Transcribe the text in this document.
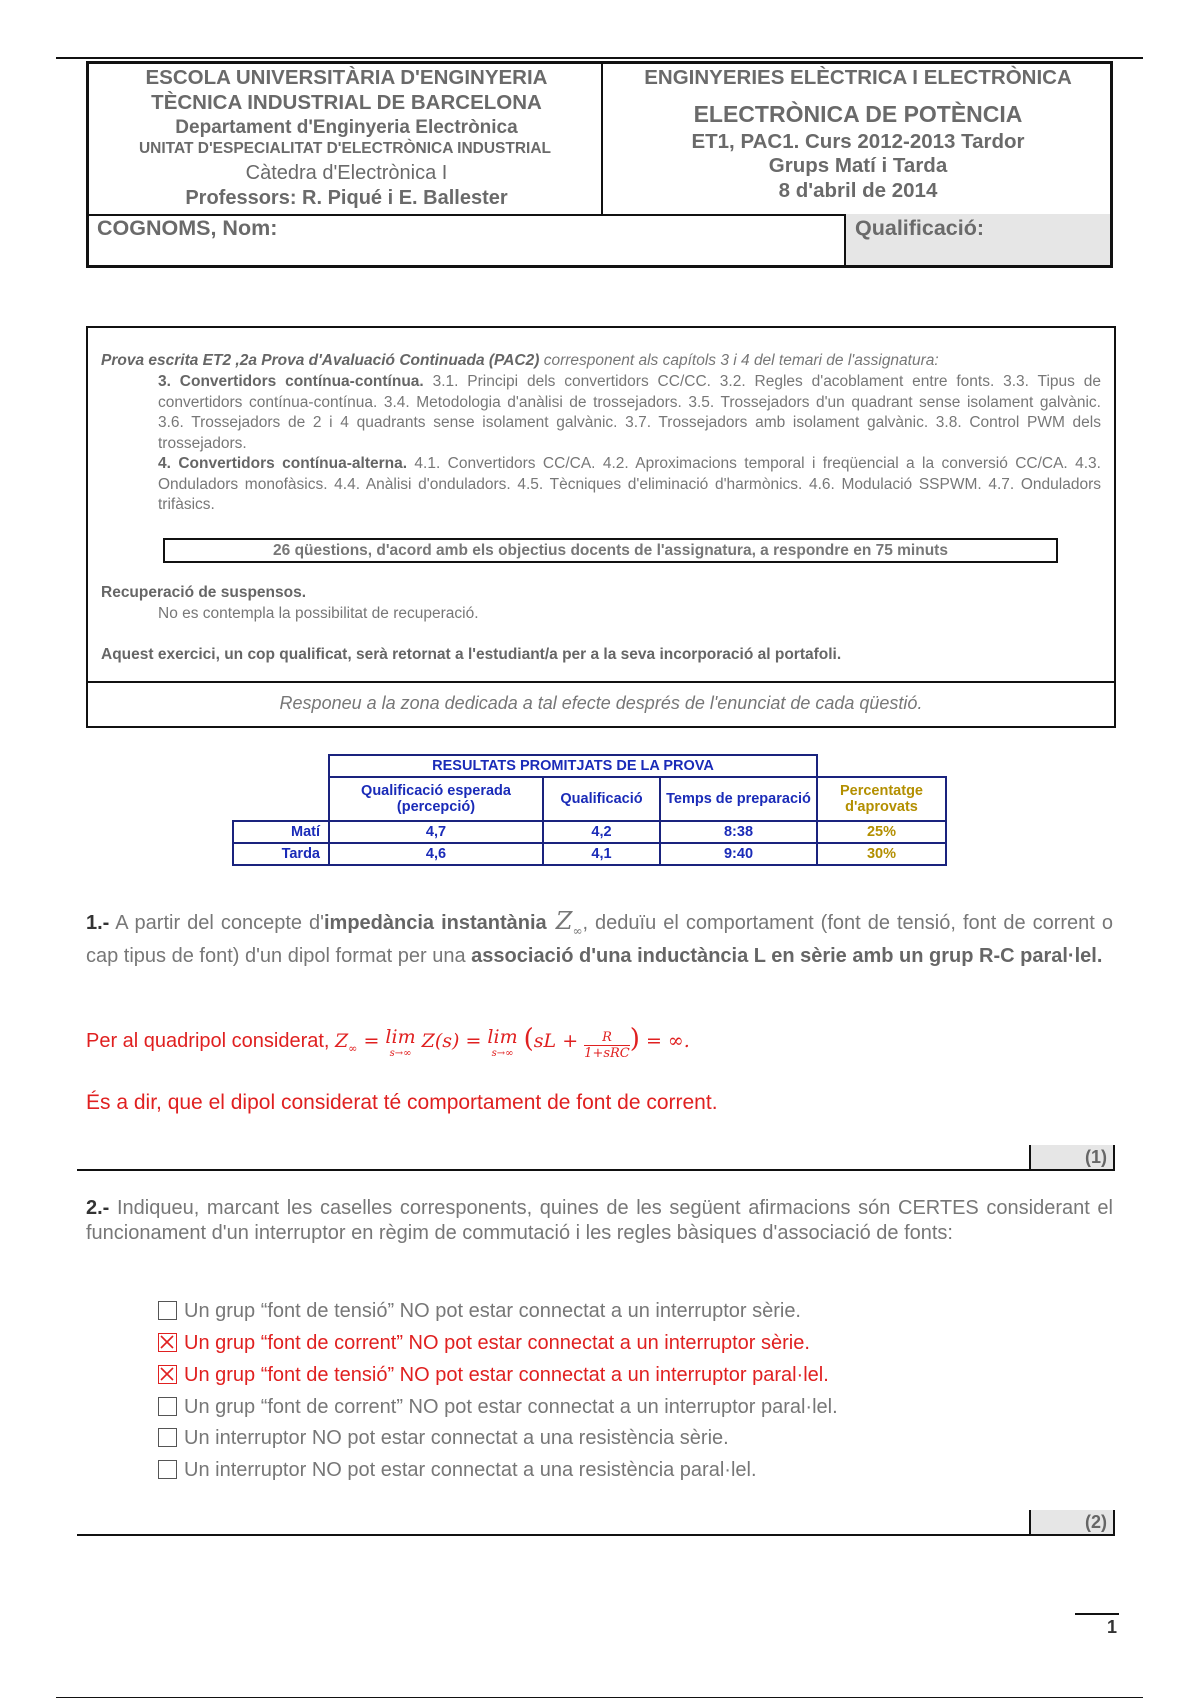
ESCOLA UNIVERSITÀRIA D'ENGINYERIA
TÈCNICA INDUSTRIAL DE BARCELONA
Departament d'Enginyeria Electrònica
UNITAT D'ESPECIALITAT D'ELECTRÒNICA INDUSTRIAL
Càtedra d'Electrònica I
Professors: R. Piqué i E. Ballester
ENGINYERIES ELÈCTRICA I ELECTRÒNICA
ELECTRÒNICA DE POTÈNCIA
ET1, PAC1. Curs 2012-2013 Tardor
Grups Matí i Tarda
8 d'abril de 2014
COGNOMS, Nom:	Qualificació:
Prova escrita ET2 ,2a Prova d'Avaluació Continuada (PAC2) corresponent als capítols 3 i 4 del temari de l'assignatura:
3. Convertidors contínua-contínua. 3.1. Principi dels convertidors CC/CC. 3.2. Regles d'acoblament entre fonts. 3.3. Tipus de convertidors contínua-contínua. 3.4. Metodologia d'anàlisi de trossejadors. 3.5. Trossejadors d'un quadrant sense isolament galvànic. 3.6. Trossejadors de 2 i 4 quadrants sense isolament galvànic. 3.7. Trossejadors amb isolament galvànic. 3.8. Control PWM dels trossejadors.
4. Convertidors contínua-alterna. 4.1. Convertidors CC/CA. 4.2. Aproximacions temporal i freqüencial a la conversió CC/CA. 4.3. Onduladors monofàsics. 4.4. Anàlisi d'onduladors. 4.5. Tècniques d'eliminació d'harmònics. 4.6. Modulació SSPWM. 4.7. Onduladors trifàsics.
26 qüestions, d'acord amb els objectius docents de l'assignatura, a respondre en 75 minuts
Recuperació de suspensos.
No es contempla la possibilitat de recuperació.
Aquest exercici, un cop qualificat, serà retornat a l'estudiant/a per a la seva incorporació al portafoli.
Responeu a la zona dedicada a tal efecte després de l'enunciat de cada qüestió.
	RESULTATS PROMITJATS DE LA PROVA			
	Qualificació esperada (percepció)	Qualificació	Temps de preparació	Percentatge d'aprovats
Matí	4,7	4,2	8:38	25%
Tarda	4,6	4,1	9:40	30%
1.- A partir del concepte d'impedància instantània $Z_\infty$, deduïu el comportament (font de tensió, font de corrent o cap tipus de font) d'un dipol format per una associació d'una inductància L en sèrie amb un grup R-C paral·lel.
Per al quadripol considerat, $Z_\infty = \lim$
s→∞ Z(s) = lim
s→∞ (sL +	R
1+sRC) = ∞.
És a dir, que el dipol considerat té comportament de font de corrent.
(1)
2.- Indiqueu, marcant les caselles corresponents, quines de les següent afirmacions són CERTES considerant el funcionament d'un interruptor en règim de commutació i les regles bàsiques d'associació de fonts:
Un grup “font de tensió” NO pot estar connectat a un interruptor sèrie.
Un grup “font de corrent” NO pot estar connectat a un interruptor sèrie.
Un grup “font de tensió” NO pot estar connectat a un interruptor paral·lel.
Un grup “font de corrent” NO pot estar connectat a un interruptor paral·lel.
Un interruptor NO pot estar connectat a una resistència sèrie.
Un interruptor NO pot estar connectat a una resistència paral·lel.
(2)
1
